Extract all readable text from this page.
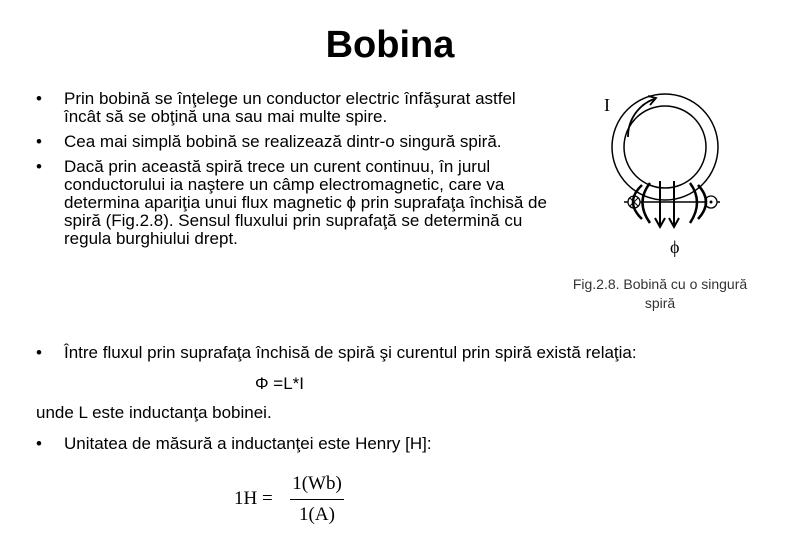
Bobina
• Prin bobină se înţelege un conductor electric înfăşurat astfel încât să se obţină una sau mai multe spire.
• Cea mai simplă bobină se realizează dintr-o singură spiră.
• Dacă prin această spiră trece un curent continuu, în jurul conductorului ia naştere un câmp electromagnetic, care va determina apariţia unui flux magnetic ϕ prin suprafaţa închisă de spiră (Fig.2.8). Sensul fluxului prin suprafaţă se determină cu regula burghiului drept.
I
ϕ
Fig.2.8. Bobină cu o singură spiră
• Între fluxul prin suprafaţa închisă de spiră şi curentul prin spiră există relaţia:
Φ =L*I
unde L este inductanţa bobinei.
• Unitatea de măsură a inductanţei este Henry [H]:
1H =
1(Wb)
1(A)
